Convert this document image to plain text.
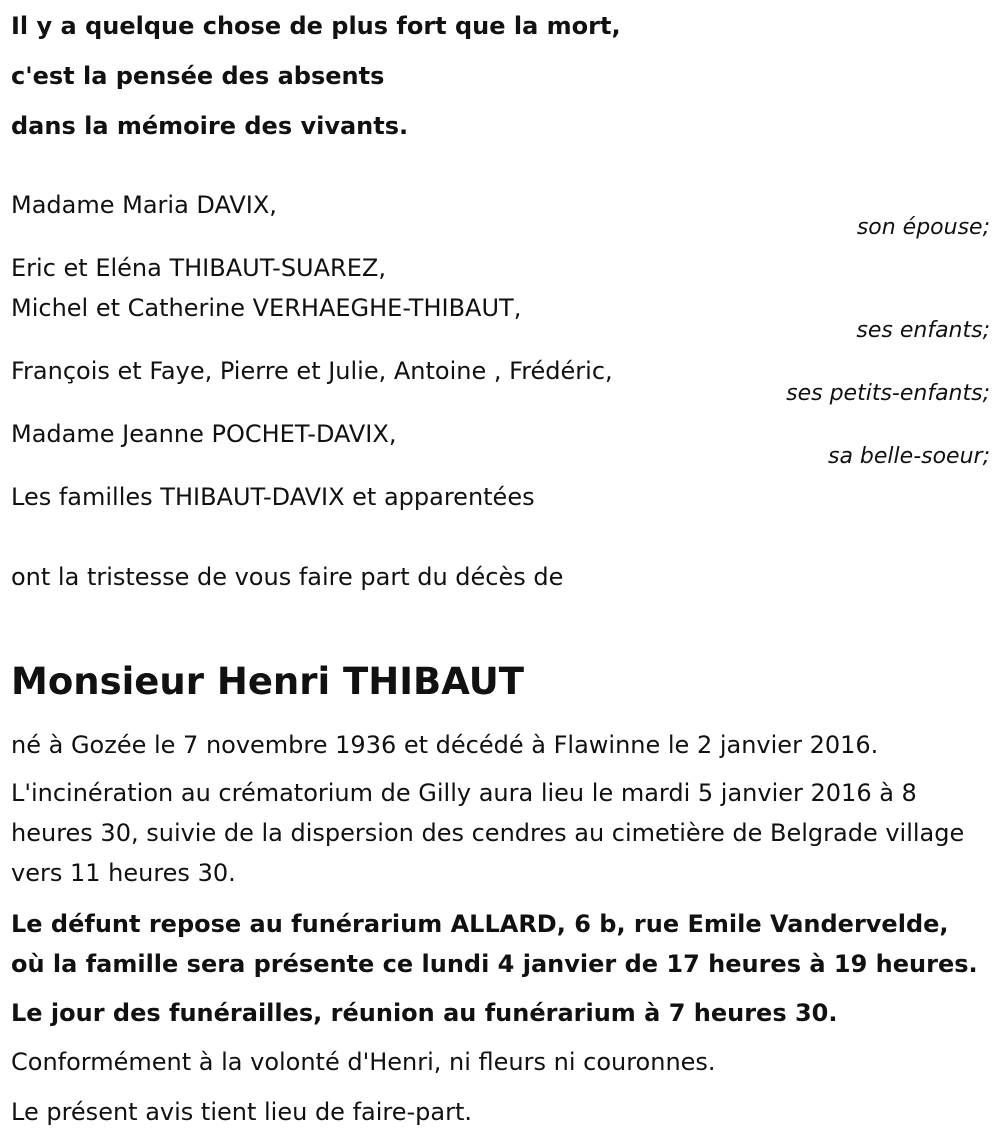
Il y a quelque chose de plus fort que la mort,
c'est la pensée des absents
dans la mémoire des vivants.
Madame Maria DAVIX,
son épouse;
Eric et Eléna THIBAUT-SUAREZ,
Michel et Catherine VERHAEGHE-THIBAUT,
ses enfants;
François et Faye, Pierre et Julie, Antoine , Frédéric,
ses petits-enfants;
Madame Jeanne POCHET-DAVIX,
sa belle-soeur;
Les familles THIBAUT-DAVIX et apparentées
ont la tristesse de vous faire part du décès de
Monsieur Henri THIBAUT
né à Gozée le 7 novembre 1936 et décédé à Flawinne le 2 janvier 2016.
L'incinération au crématorium de Gilly aura lieu le mardi 5 janvier 2016 à 8 heures 30, suivie de la dispersion des cendres au cimetière de Belgrade village vers 11 heures 30.
Le défunt repose au funérarium ALLARD, 6 b, rue Emile Vandervelde,
où la famille sera présente ce lundi 4 janvier de 17 heures à 19 heures.
Le jour des funérailles, réunion au funérarium à 7 heures 30.
Conformément à la volonté d'Henri, ni fleurs ni couronnes.
Le présent avis tient lieu de faire-part.
